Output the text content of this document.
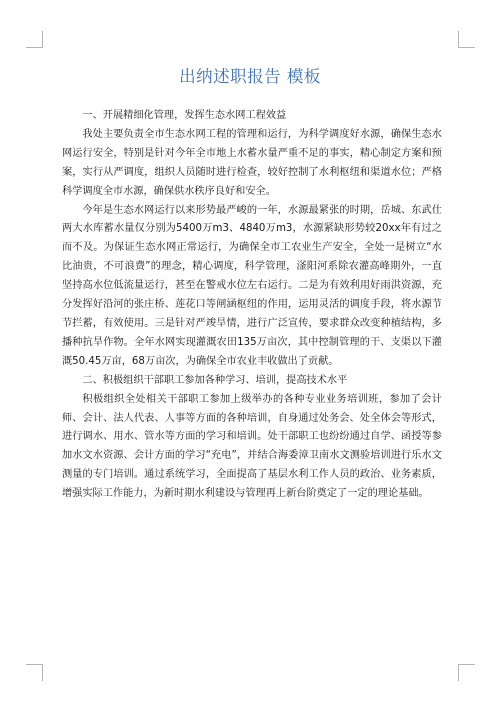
出纳述职报告 模板

一、开展精细化管理，发挥生态水网工程效益

我处主要负责全市生态水网工程的管理和运行，为科学调度好水源，确保生态水网运行安全，特别是针对今年全市地上水蓄水量严重不足的事实，精心制定方案和预案，实行从严调度，组织人员随时进行检查，较好控制了水利枢纽和渠道水位；严格科学调度全市水源，确保供水秩序良好和安全。

今年是生态水网运行以来形势最严峻的一年，水源最紧张的时期，岳城、东武仕两大水库蓄水量仅分别为5400万m3、4840万m3，水源紧缺形势较20xx年有过之而不及。为保证生态水网正常运行，为确保全市工农业生产安全，全处一是树立“水比油贵，不可浪费”的理念，精心调度，科学管理，滏阳河系除农灌高峰期外，一直坚持高水位低流量运行，甚至在警戒水位左右运行。二是为有效利用好雨洪资源，充分发挥好沿河的张庄桥、莲花口等闸涵枢纽的作用，运用灵活的调度手段，将水源节节拦蓄，有效使用。三是针对严竣旱情，进行广泛宣传，要求群众改变种植结构，多播种抗旱作物。全年水网实现灌溉农田135万亩次，其中控制管理的干、支渠以下灌溉50.45万亩，68万亩次，为确保全市农业丰收做出了贡献。

二、积极组织干部职工参加各种学习、培训，提高技术水平

积极组织全处相关干部职工参加上级举办的各种专业业务培训班，参加了会计师、会计、法人代表、人事等方面的各种培训，自身通过处务会、处全体会等形式，进行调水、用水、管水等方面的学习和培训。处干部职工也纷纷通过自学、函授等参加水文水资源、会计方面的学习“充电”，并结合海委漳卫南水文测验培训进行乐水文测量的专门培训。通过系统学习，全面提高了基层水利工作人员的政治、业务素质，增强实际工作能力，为新时期水利建设与管理再上新台阶奠定了一定的理论基础。
